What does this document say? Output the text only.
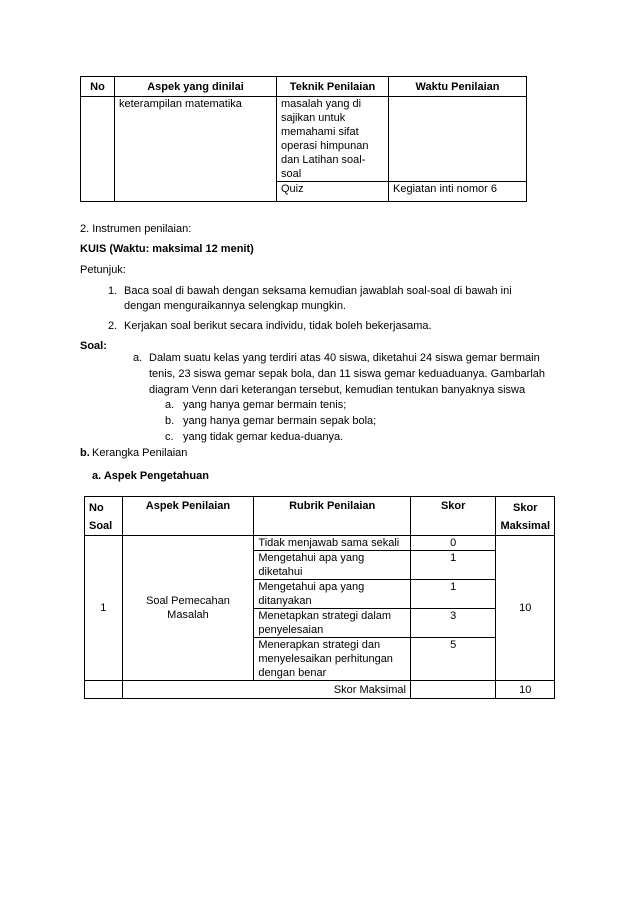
No	Aspek yang dinilai	Teknik Penilaian	Waktu Penilaian
	keterampilan matematika	masalah yang di sajikan untuk memahami sifat operasi himpunan dan Latihan soal-soal	
		Quiz	Kegiatan inti nomor 6
2. Instrumen penilaian:
KUIS (Waktu: maksimal 12 menit)
Petunjuk:
1. Baca soal di bawah dengan seksama kemudian jawablah soal-soal di bawah ini dengan menguraikannya selengkap mungkin.
2. Kerjakan soal berikut secara individu, tidak boleh bekerjasama.
Soal:
a. Dalam suatu kelas yang terdiri atas 40 siswa, diketahui 24 siswa gemar bermain
tenis, 23 siswa gemar sepak bola, dan 11 siswa gemar keduaduanya. Gambarlah
diagram Venn dari keterangan tersebut, kemudian tentukan banyaknya siswa
a. yang hanya gemar bermain tenis;
b. yang hanya gemar bermain sepak bola;
c. yang tidak gemar kedua-duanya.
b. Kerangka Penilaian
a. Aspek Pengetahuan
No Soal	Aspek Penilaian	Rubrik Penilaian	Skor	Skor Maksimal
1	Soal Pemecahan Masalah	Tidak menjawab sama sekali	0	10
		Mengetahui apa yang diketahui	1	
		Mengetahui apa yang ditanyakan	1	
		Menetapkan strategi dalam penyelesaian	3	
		Menerapkan strategi dan menyelesaikan perhitungan dengan benar	5	
	Skor Maksimal			10
